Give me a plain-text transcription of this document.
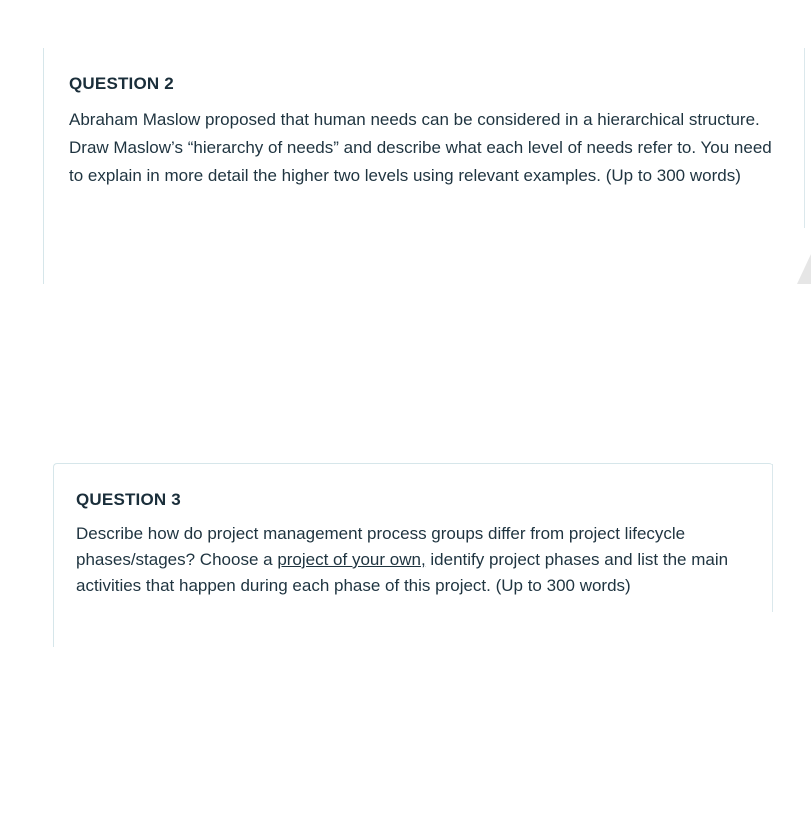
QUESTION 2

Abraham Maslow proposed that human needs can be considered in a hierarchical structure. Draw Maslow’s “hierarchy of needs” and describe what each level of needs refer to. You need to explain in more detail the higher two levels using relevant examples. (Up to 300 words)

QUESTION 3

Describe how do project management process groups differ from project lifecycle phases/stages? Choose a project of your own, identify project phases and list the main activities that happen during each phase of this project. (Up to 300 words)
